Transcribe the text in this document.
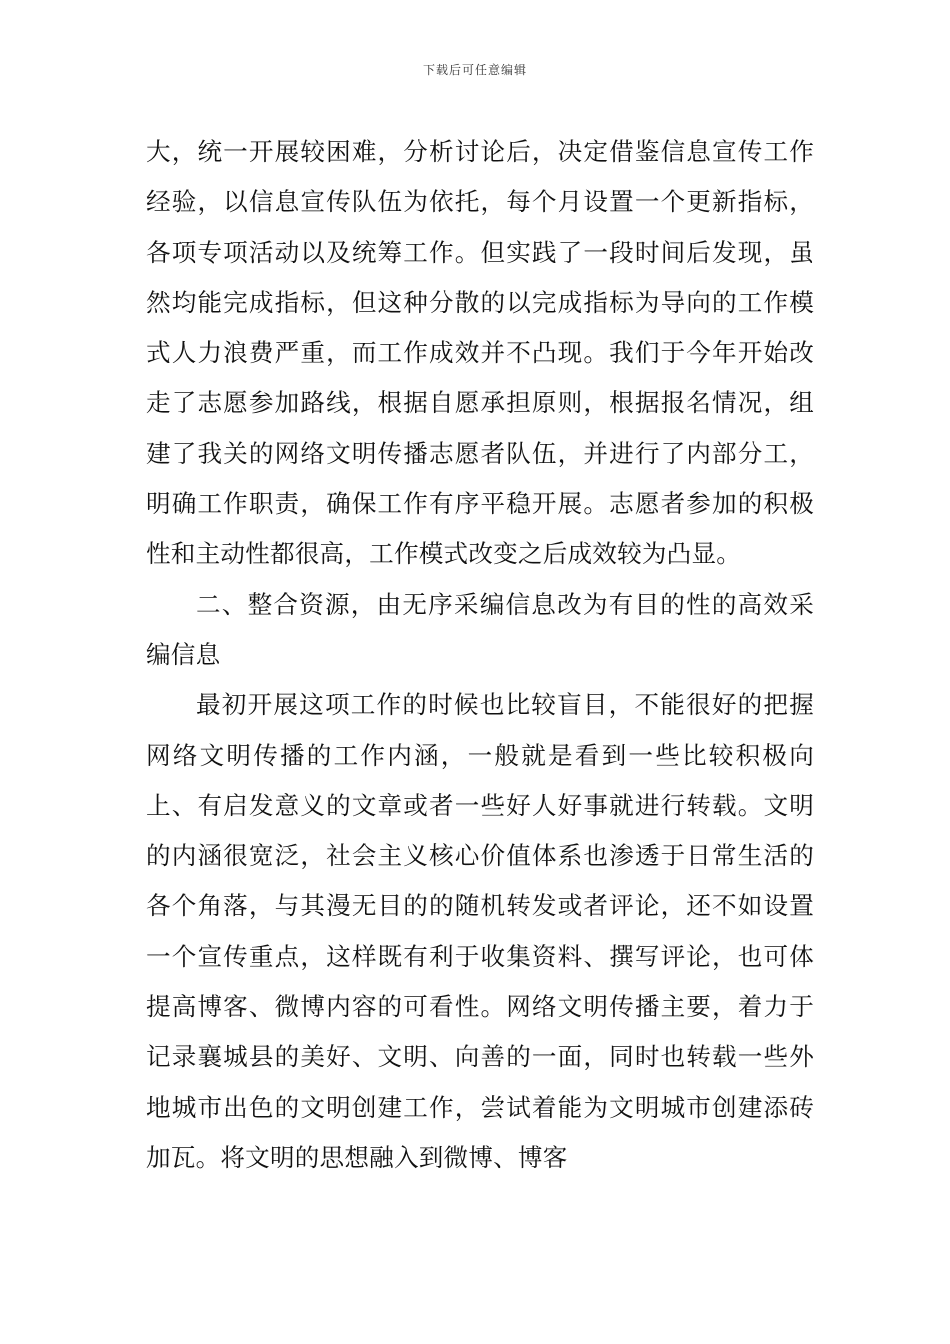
下载后可任意编辑

大，统一开展较困难，分析讨论后，决定借鉴信息宣传工作经验，以信息宣传队伍为依托，每个月设置一个更新指标，各项专项活动以及统筹工作。但实践了一段时间后发现，虽然均能完成指标，但这种分散的以完成指标为导向的工作模式人力浪费严重，而工作成效并不凸现。我们于今年开始改走了志愿参加路线，根据自愿承担原则，根据报名情况，组建了我关的网络文明传播志愿者队伍，并进行了内部分工，明确工作职责，确保工作有序平稳开展。志愿者参加的积极性和主动性都很高，工作模式改变之后成效较为凸显。

二、整合资源，由无序采编信息改为有目的性的高效采编信息

最初开展这项工作的时候也比较盲目，不能很好的把握网络文明传播的工作内涵，一般就是看到一些比较积极向上、有启发意义的文章或者一些好人好事就进行转载。文明的内涵很宽泛，社会主义核心价值体系也渗透于日常生活的各个角落，与其漫无目的的随机转发或者评论，还不如设置一个宣传重点，这样既有利于收集资料、撰写评论，也可体提高博客、微博内容的可看性。网络文明传播主要，着力于记录襄城县的美好、文明、向善的一面，同时也转载一些外地城市出色的文明创建工作，尝试着能为文明城市创建添砖加瓦。将文明的思想融入到微博、博客
